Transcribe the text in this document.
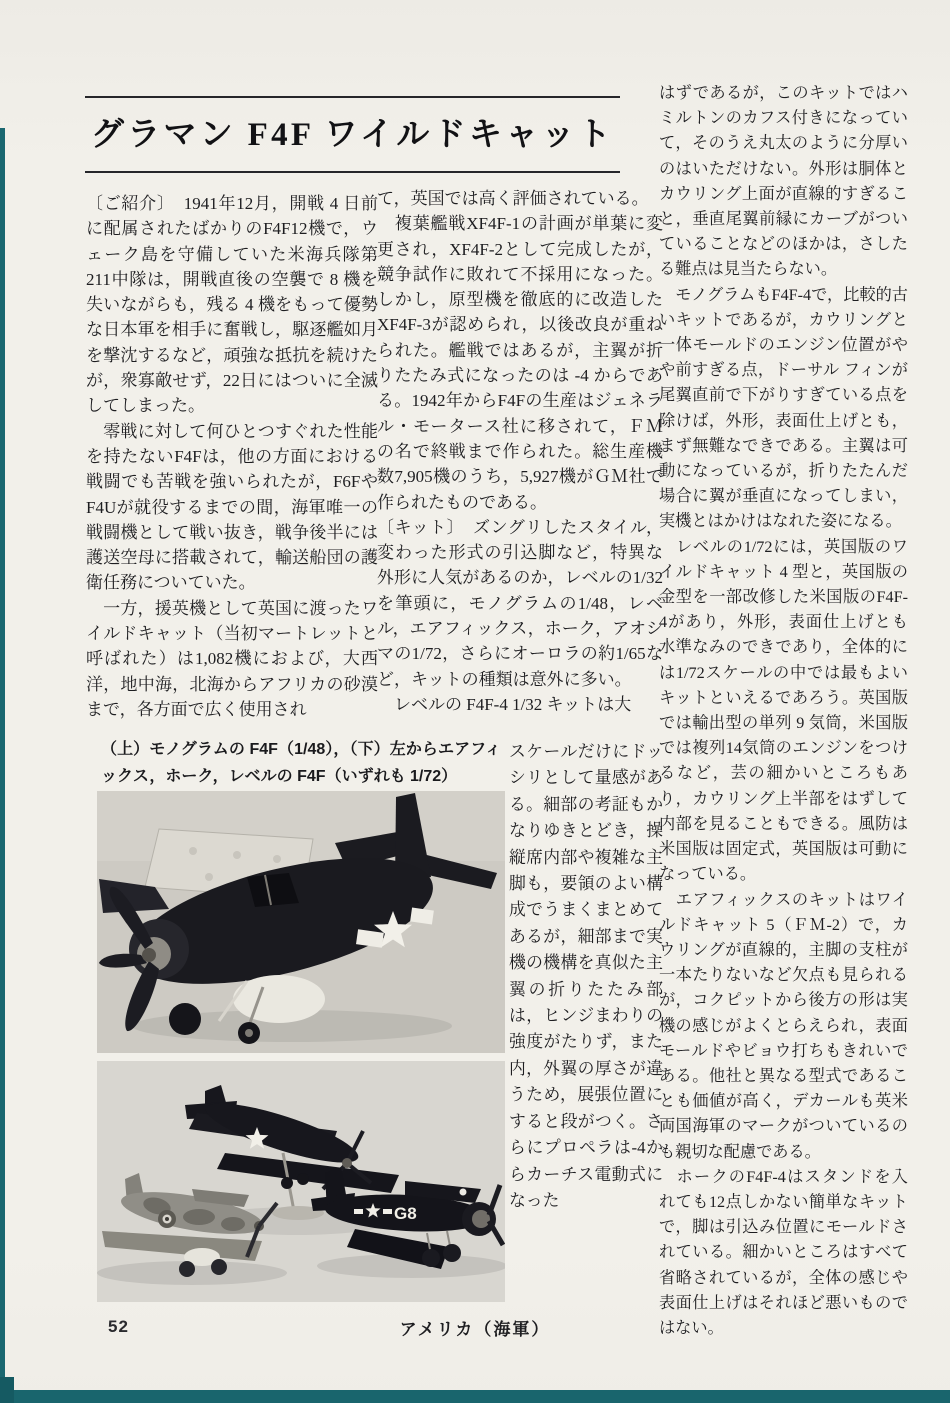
グラマン F4F ワイルドキャット

〔ご紹介〕　1941年12月，開戦 4 日前に配属されたばかりのF4F12機で，ウェーク島を守備していた米海兵隊第211中隊は，開戦直後の空襲で 8 機を失いながらも，残る 4 機をもって優勢な日本軍を相手に奮戦し，駆逐艦如月を撃沈するなど，頑強な抵抗を続けたが，衆寡敵せず，22日にはついに全滅してしまった。

　零戦に対して何ひとつすぐれた性能を持たないF4Fは，他の方面における戦闘でも苦戦を強いられたが，F6FやF4Uが就役するまでの間，海軍唯一の戦闘機として戦い抜き，戦争後半には護送空母に搭載されて，輸送船団の護衛任務についていた。

　一方，援英機として英国に渡ったワイルドキャット（当初マートレットと呼ばれた）は1,082機におよび，大西洋，地中海，北海からアフリカの砂漠まで，各方面で広く使用され

て，英国では高く評価されている。

　複葉艦戦XF4F-1の計画が単葉に変更され，XF4F-2として完成したが，競争試作に敗れて不採用になった。しかし，原型機を徹底的に改造したXF4F-3が認められ，以後改良が重ねられた。艦戦ではあるが，主翼が折りたたみ式になったのは -4 からである。1942年からF4Fの生産はジェネラル・モータース社に移されて，ＦＭの名で終戦まで作られた。総生産機数7,905機のうち，5,927機がＧＭ社で作られたものである。

〔キット〕　ズングリしたスタイル，変わった形式の引込脚など，特異な外形に人気があるのか，レベルの1/32を筆頭に，モノグラムの1/48，レベル，エアフィックス，ホーク，アオシマの1/72，さらにオーロラの約1/65など，キットの種類は意外に多い。

　レベルの F4F-4 1/32 キットは大

スケールだけにドッシリとして量感がある。細部の考証もかなりゆきとどき，操縦席内部や複雑な主脚も，要領のよい構成でうまくまとめてあるが，細部まで実機の機構を真似た主翼の折りたたみ部は，ヒンジまわりの強度がたりず，また内，外翼の厚さが違うため，展張位置にすると段がつく。さらにプロペラは-4からカーチス電動式になった

はずであるが，このキットではハミルトンのカフス付きになっていて，そのうえ丸太のように分厚いのはいただけない。外形は胴体とカウリング上面が直線的すぎること，垂直尾翼前縁にカーブがついていることなどのほかは，さしたる難点は見当たらない。

　モノグラムもF4F-4で，比較的古いキットであるが，カウリングと一体モールドのエンジン位置がやや前すぎる点，ドーサル フィンが尾翼直前で下がりすぎている点を除けば，外形，表面仕上げとも，まず無難なできである。主翼は可動になっているが，折りたたんだ場合に翼が垂直になってしまい，実機とはかけはなれた姿になる。

　レベルの1/72には，英国版のワイルドキャット 4 型と，英国版の金型を一部改修した米国版のF4F-4があり，外形，表面仕上げとも水準なみのできであり，全体的には1/72スケールの中では最もよいキットといえるであろう。英国版では輸出型の単列 9 気筒，米国版では複列14気筒のエンジンをつけるなど，芸の細かいところもあり，カウリング上半部をはずして内部を見ることもできる。風防は米国版は固定式，英国版は可動になっている。

　エアフィックスのキットはワイルドキャット 5（ＦＭ-2）で，カウリングが直線的，主脚の支柱が一本たりないなど欠点も見られるが，コクピットから後方の形は実機の感じがよくとらえられ，表面モールドやビョウ打ちもきれいである。他社と異なる型式であることも価値が高く，デカールも英米両国海軍のマークがついているのも親切な配慮である。

　ホークのF4F-4はスタンドを入れても12点しかない簡単なキットで，脚は引込み位置にモールドされている。細かいところはすべて省略されているが，全体の感じや表面仕上げはそれほど悪いものではない。

（上）モノグラムの F4F（1/48），（下）左からエアフィックス，ホーク，レベルの F4F（いずれも 1/72）
G8
52	アメリカ（海軍）
